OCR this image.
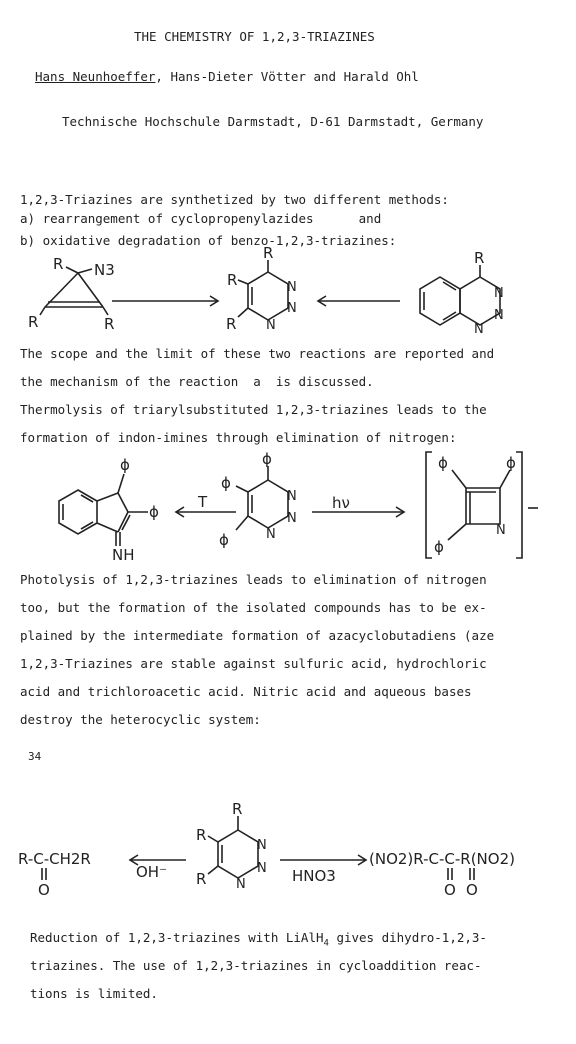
THE CHEMISTRY OF 1,2,3-TRIAZINES
Hans Neunhoeffer, Hans-Dieter Vötter and Harald Ohl
Technische Hochschule Darmstadt, D-61 Darmstadt, Germany
1,2,3-Triazines are synthetized by two different methods:
a) rearrangement of cyclopropenylazides      and
b) oxidative degradation of benzo-1,2,3-triazines:
R N3
R	R
R
R
R
N
N
N
R
N
N
N
The scope and the limit of these two reactions are reported and
the mechanism of the reaction  a  is discussed.
Thermolysis of triarylsubstituted 1,2,3-triazines leads to the
formation of indon-imines through elimination of nitrogen:
ϕ
ϕ
NH
T
ϕ
ϕ
ϕ
N
N
N
hν
ϕ	ϕ
ϕ
N
Photolysis of 1,2,3-triazines leads to elimination of nitrogen
too, but the formation of the isolated compounds has to be ex-
plained by the intermediate formation of azacyclobutadiens (aze
1,2,3-Triazines are stable against sulfuric acid, hydrochloric
acid and trichloroacetic acid. Nitric acid and aqueous bases
destroy the heterocyclic system:
34
R-C-CH2R
O
OH⁻
R
R
R
N
N
N	HNO3
(NO2)R-C-C-R(NO2)
O O
Reduction of 1,2,3-triazines with LiAlH$_4$ gives dihydro-1,2,3-
triazines. The use of 1,2,3-triazines in cycloaddition reac-
tions is limited.
